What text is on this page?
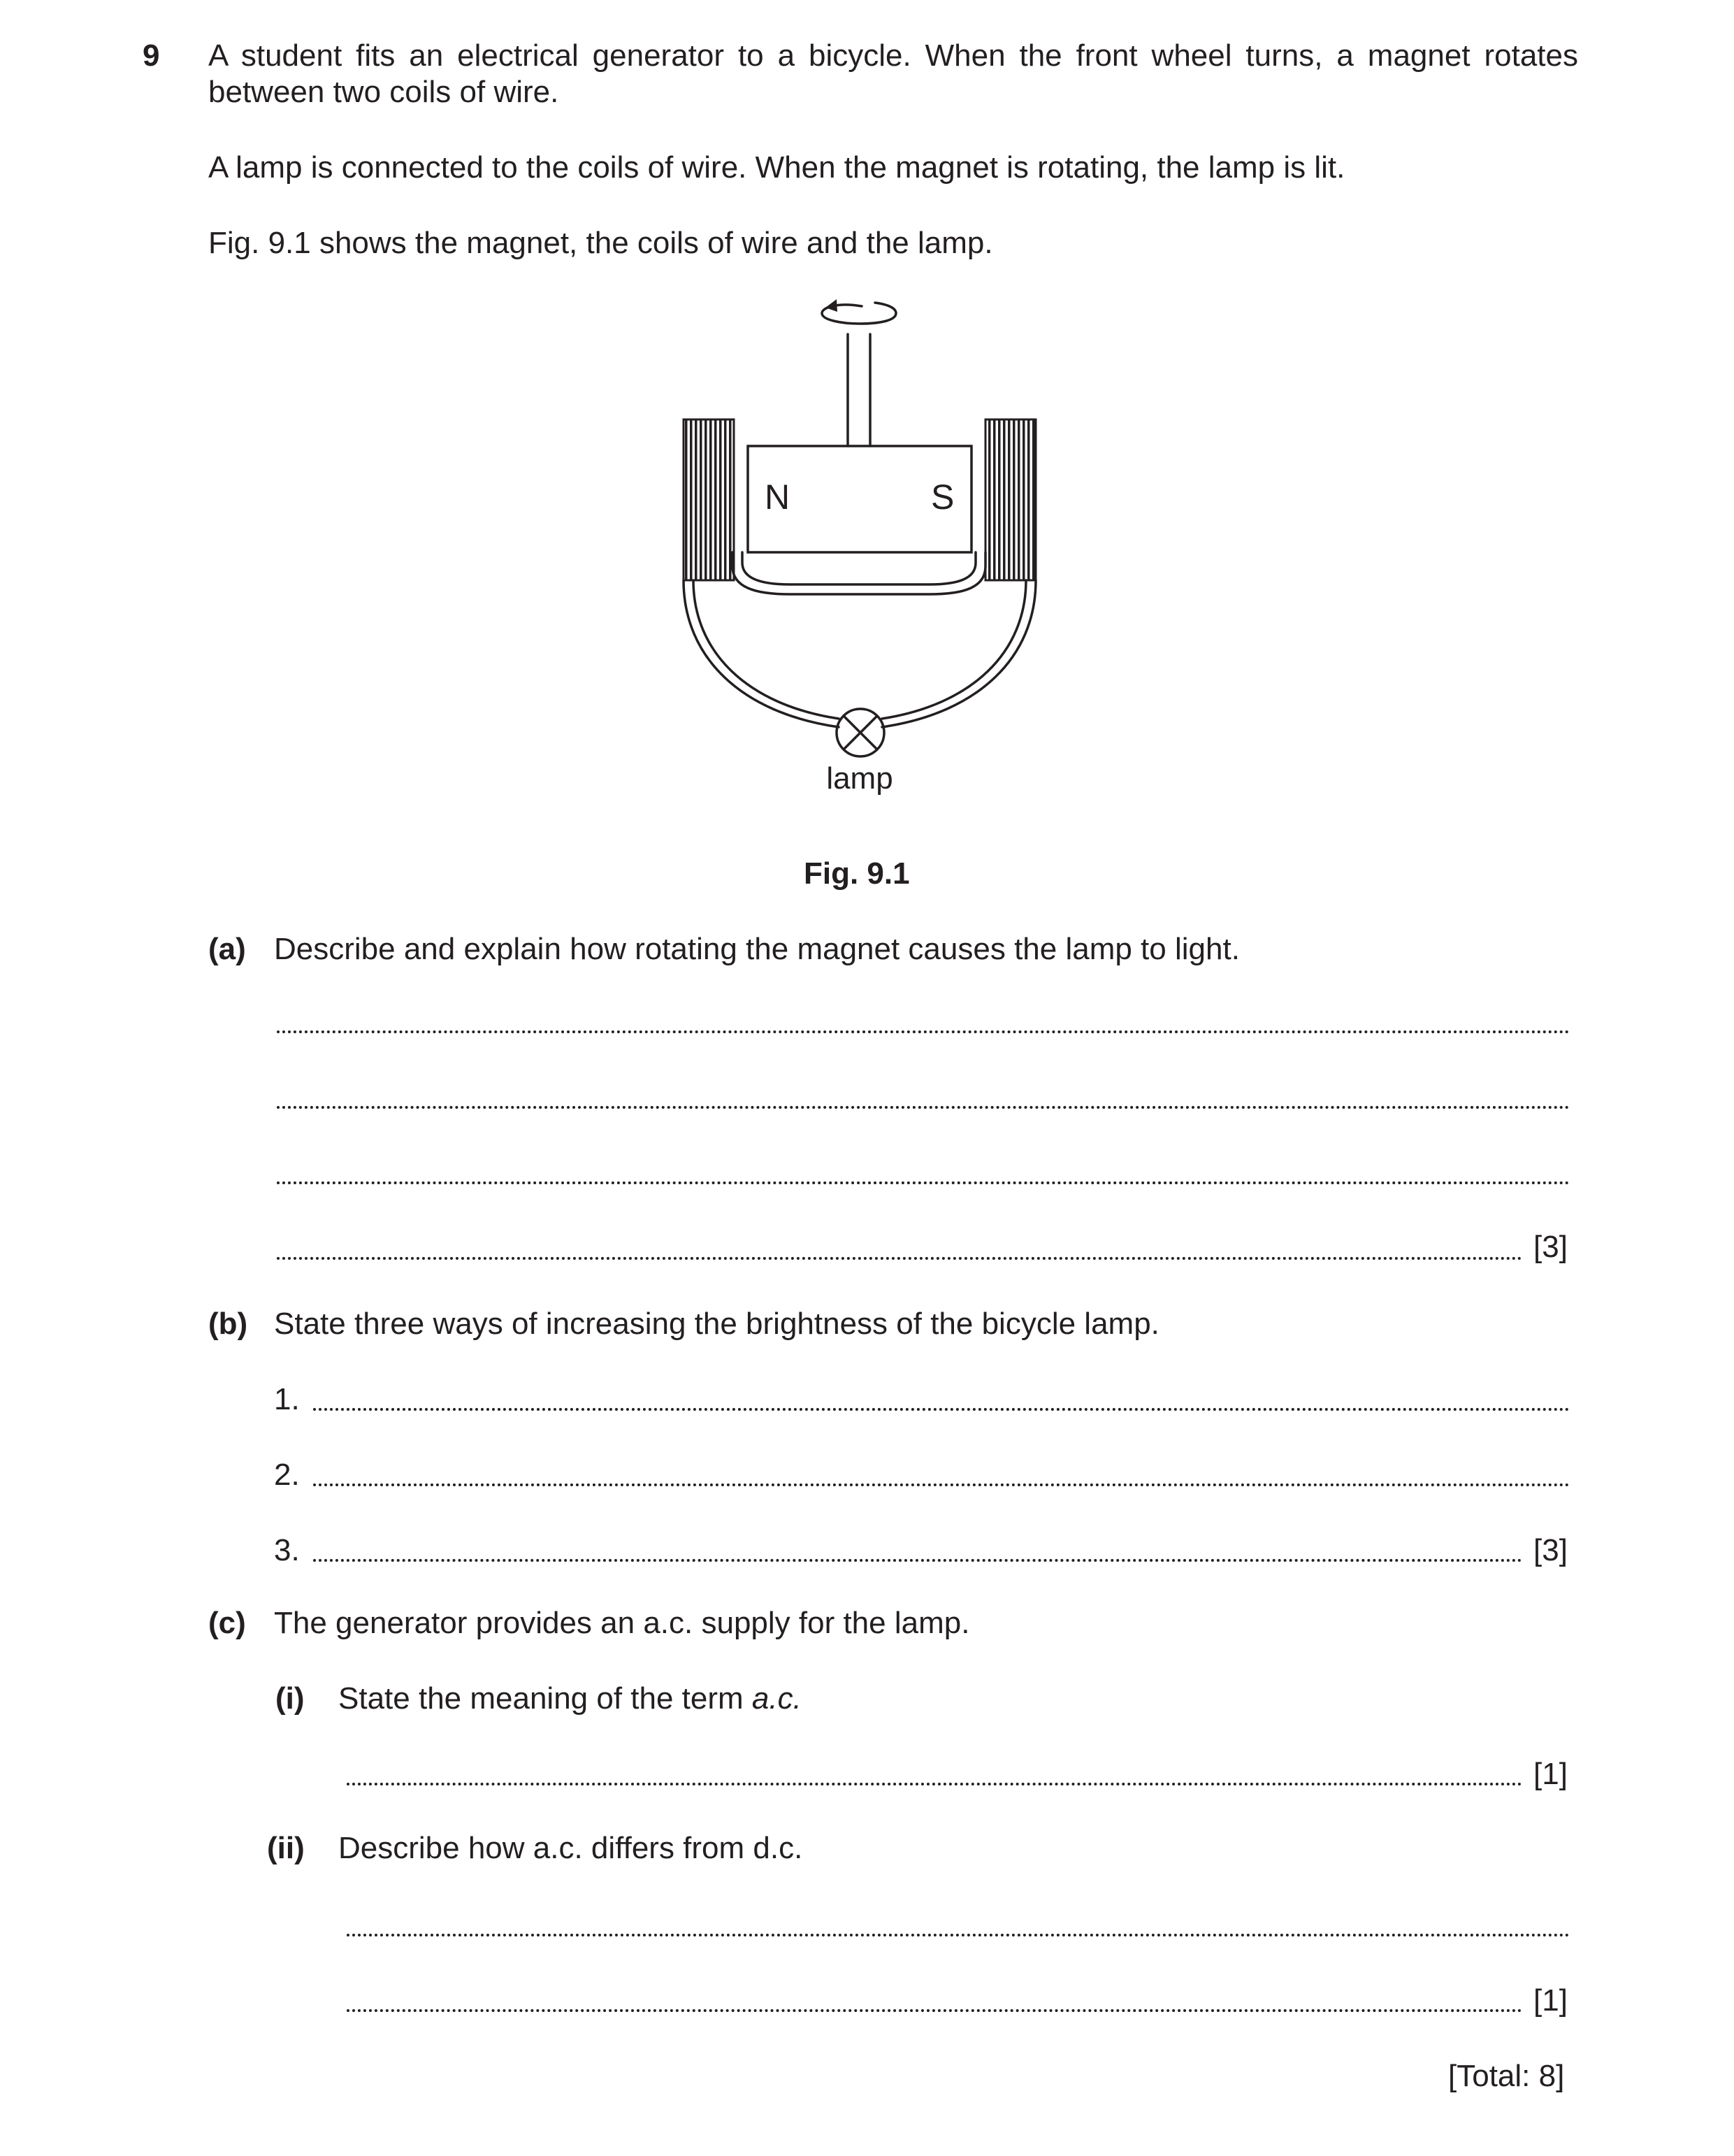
9 A student fits an electrical generator to a bicycle. When the front wheel turns, a magnet rotates between two coils of wire.
A lamp is connected to the coils of wire. When the magnet is rotating, the lamp is lit.
Fig. 9.1 shows the magnet, the coils of wire and the lamp.
N	S
lamp
Fig. 9.1
(a) Describe and explain how rotating the magnet causes the lamp to light.
[3]
(b) State three ways of increasing the brightness of the bicycle lamp.
1.
2.
3.	[3]
(c) The generator provides an a.c. supply for the lamp.
(i) State the meaning of the term a.c.
[1]
(ii) Describe how a.c. differs from d.c.
[1]
[Total: 8]
